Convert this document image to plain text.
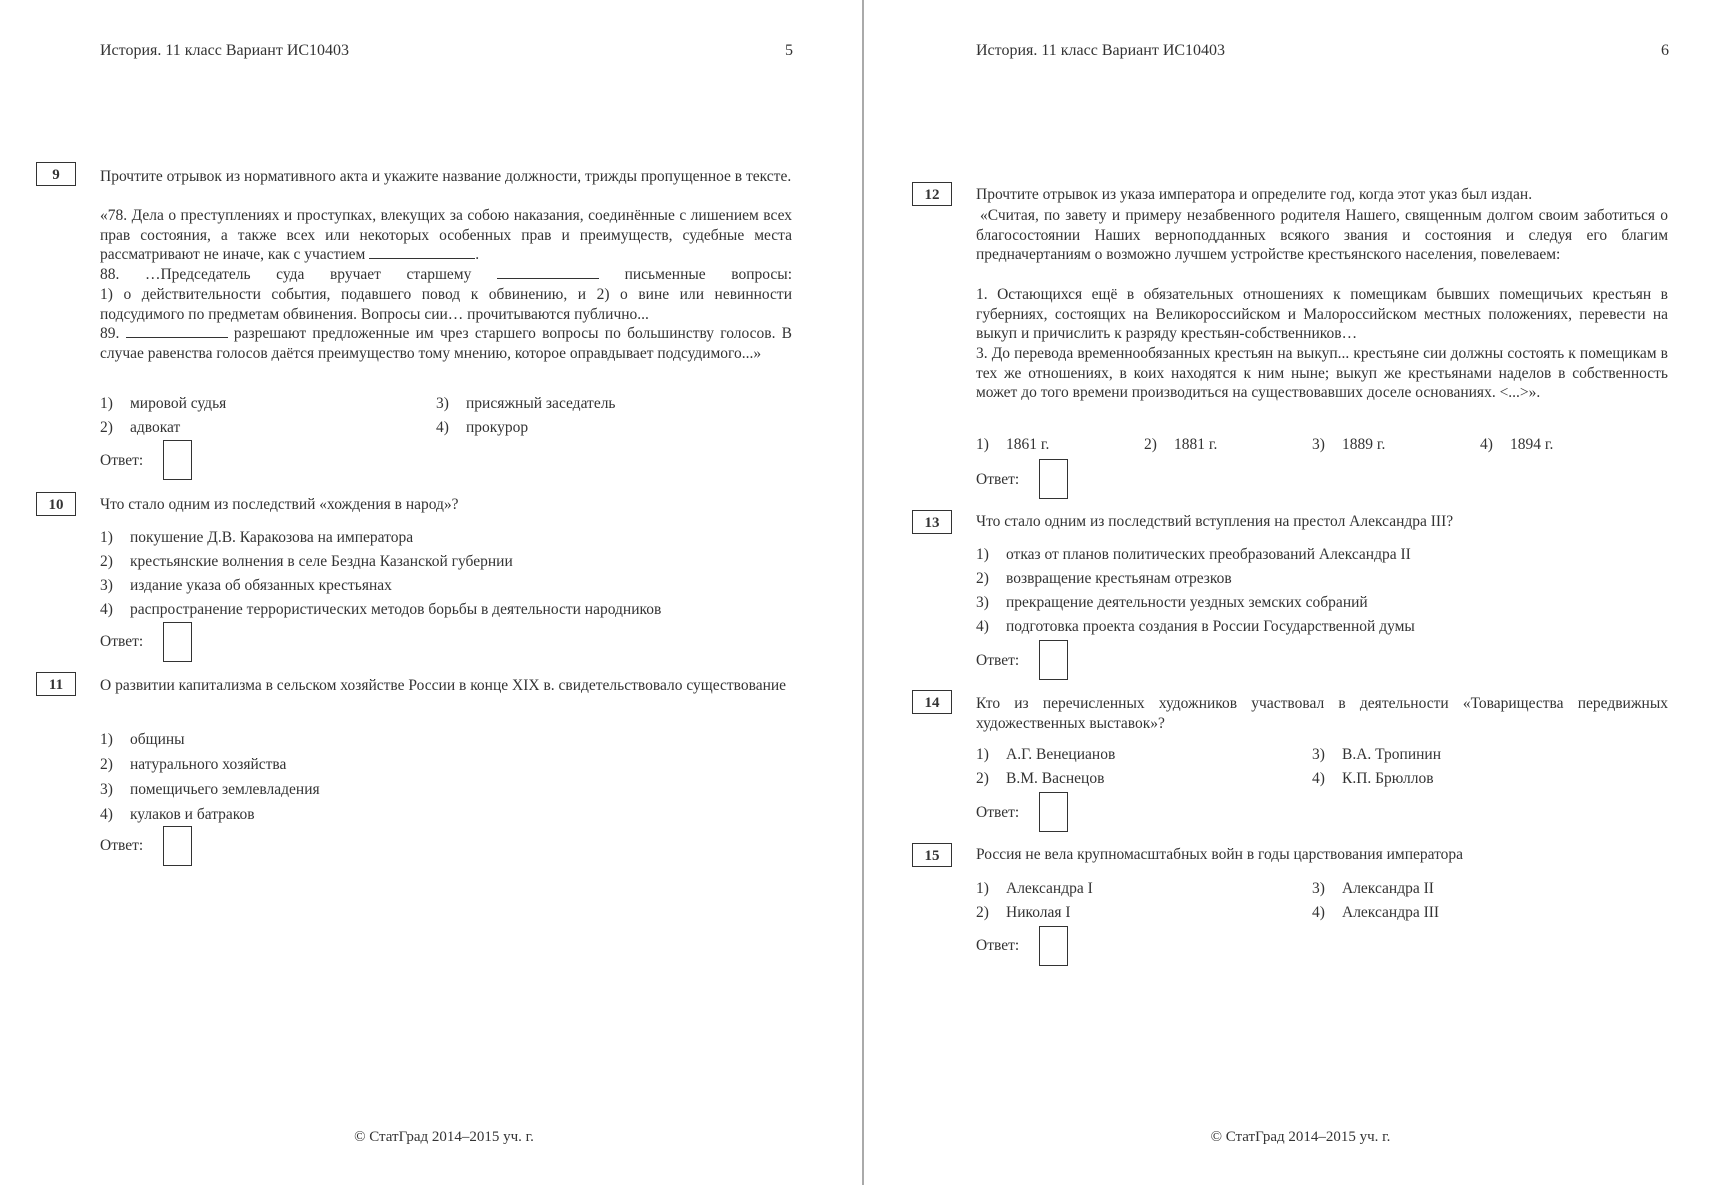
История. 11 класс Вариант ИС10403	5
9	Прочтите отрывок из нормативного акта и укажите название должности, трижды пропущенное в тексте.
«78. Дела о преступлениях и проступках, влекущих за собою наказания, соединённые с лишением всех прав состояния, а также всех или некоторых особенных прав и преимуществ, судебные места рассматривают не иначе, как с участием	.
88. …Председатель суда вручает старшему	письменные вопросы:
1) о действительности события, подавшего повод к обвинению, и 2) о вине или невинности подсудимого по предметам обвинения. Вопросы сии… прочитываются публично...
89.	разрешают предложенные им чрез старшего вопросы по большинству голосов. В случае равенства голосов даётся преимущество тому мнению, которое оправдывает подсудимого...»
1) мировой судья
2) адвокат
3) присяжный заседатель
4) прокурор
Ответ:
10	Что стало одним из последствий «хождения в народ»?
1) покушение Д.В. Каракозова на императора
2) крестьянские волнения в селе Бездна Казанской губернии
3) издание указа об обязанных крестьянах
4) распространение террористических методов борьбы в деятельности народников
Ответ:
11	О развитии капитализма в сельском хозяйстве России в конце XIX в. свидетельствовало существование
1) общины
2) натурального хозяйства
3) помещичьего землевладения
4) кулаков и батраков
Ответ:
© СтатГрад 2014–2015 уч. г.
История. 11 класс Вариант ИС10403	6
12	Прочтите отрывок из указа императора и определите год, когда этот указ был издан.
«Считая, по завету и примеру незабвенного родителя Нашего, священным долгом своим заботиться о благосостоянии Наших верноподданных всякого звания и состояния и следуя его благим предначертаниям о возможно лучшем устройстве крестьянского населения, повелеваем:
1. Остающихся ещё в обязательных отношениях к помещикам бывших помещичьих крестьян в губерниях, состоящих на Великороссийском и Малороссийском местных положениях, перевести на выкуп и причислить к разряду крестьян-собственников…
3. До перевода временнообязанных крестьян на выкуп... крестьяне сии должны состоять к помещикам в тех же отношениях, в коих находятся к ним ныне; выкуп же крестьянами наделов в собственность может до того времени производиться на существовавших доселе основаниях. <...>».
1) 1861 г.	2) 1881 г.	3) 1889 г.	4) 1894 г.
Ответ:
13	Что стало одним из последствий вступления на престол Александра III?
1) отказ от планов политических преобразований Александра II
2) возвращение крестьянам отрезков
3) прекращение деятельности уездных земских собраний
4) подготовка проекта создания в России Государственной думы
Ответ:
14	Кто из перечисленных художников участвовал в деятельности «Товарищества передвижных художественных выставок»?
1) А.Г. Венецианов
2) В.М. Васнецов
3) В.А. Тропинин
4) К.П. Брюллов
Ответ:
15	Россия не вела крупномасштабных войн в годы царствования императора
1) Александра I
2) Николая I
3) Александра II
4) Александра III
Ответ:
© СтатГрад 2014–2015 уч. г.
